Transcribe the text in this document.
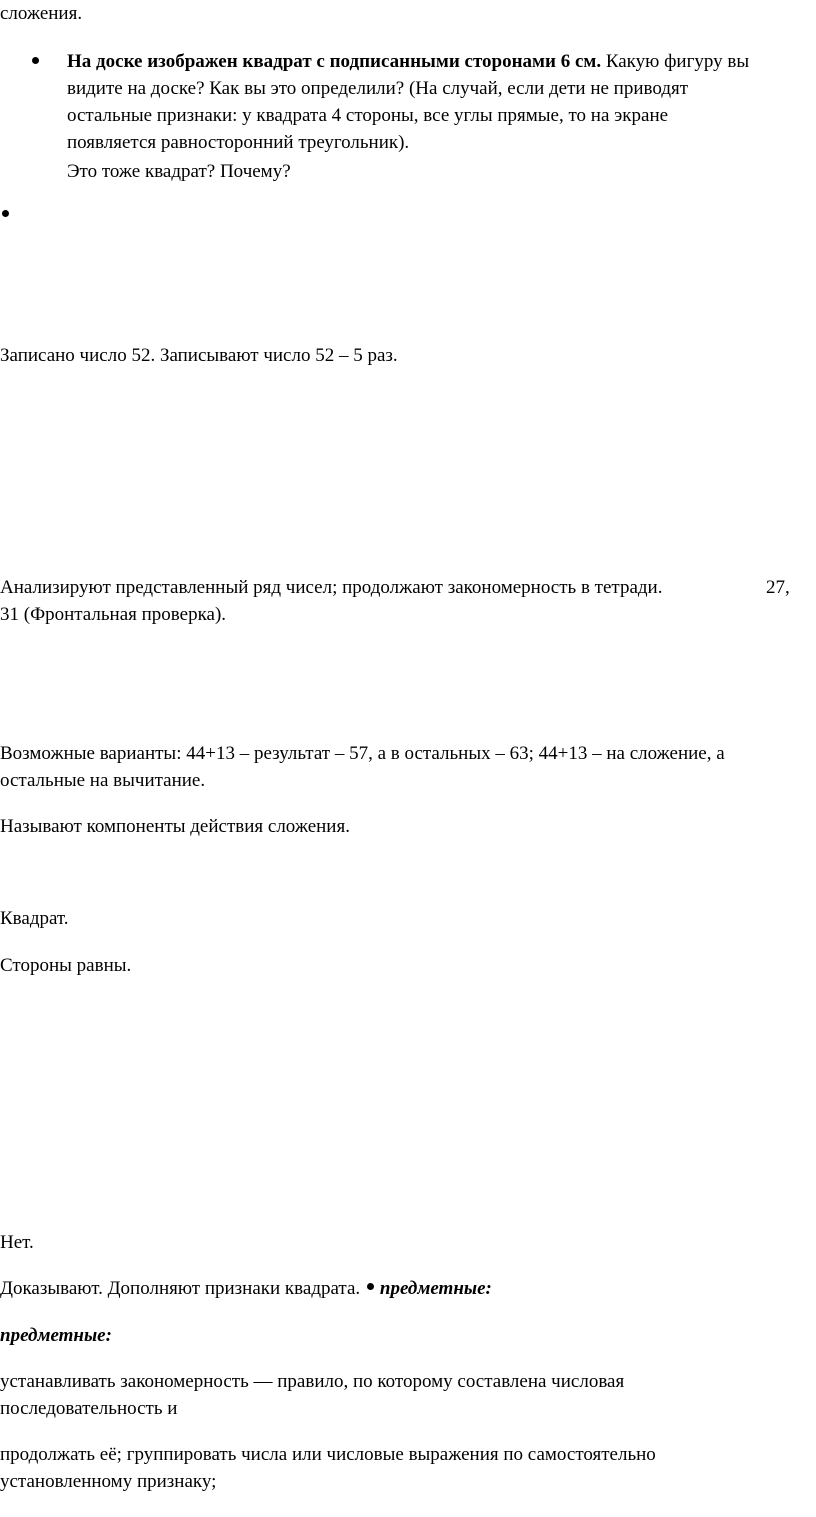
сложения.
На доске изображен квадрат с подписанными сторонами 6 см. Какую фигуру вы
видите на доске? Как вы это определили? (На случай, если дети не приводят
остальные признаки: у квадрата 4 стороны, все углы прямые, то на экране
появляется равносторонний треугольник).
Это тоже квадрат? Почему?
Записано число 52. Записывают число 52 – 5 раз.
Анализируют представленный ряд чисел; продолжают закономерность в тетради.	27,
31 (Фронтальная проверка).
Возможные варианты: 44+13 – результат – 57, а в остальных – 63; 44+13 – на сложение, а
остальные на вычитание.
Называют компоненты действия сложения.
Квадрат.
Стороны равны.
Нет.
Доказывают. Дополняют признаки квадрата. предметные:
предметные:
устанавливать закономерность — правило, по которому составлена числовая
последовательность и
продолжать её; группировать числа или числовые выражения по самостоятельно
установленному признаку;
